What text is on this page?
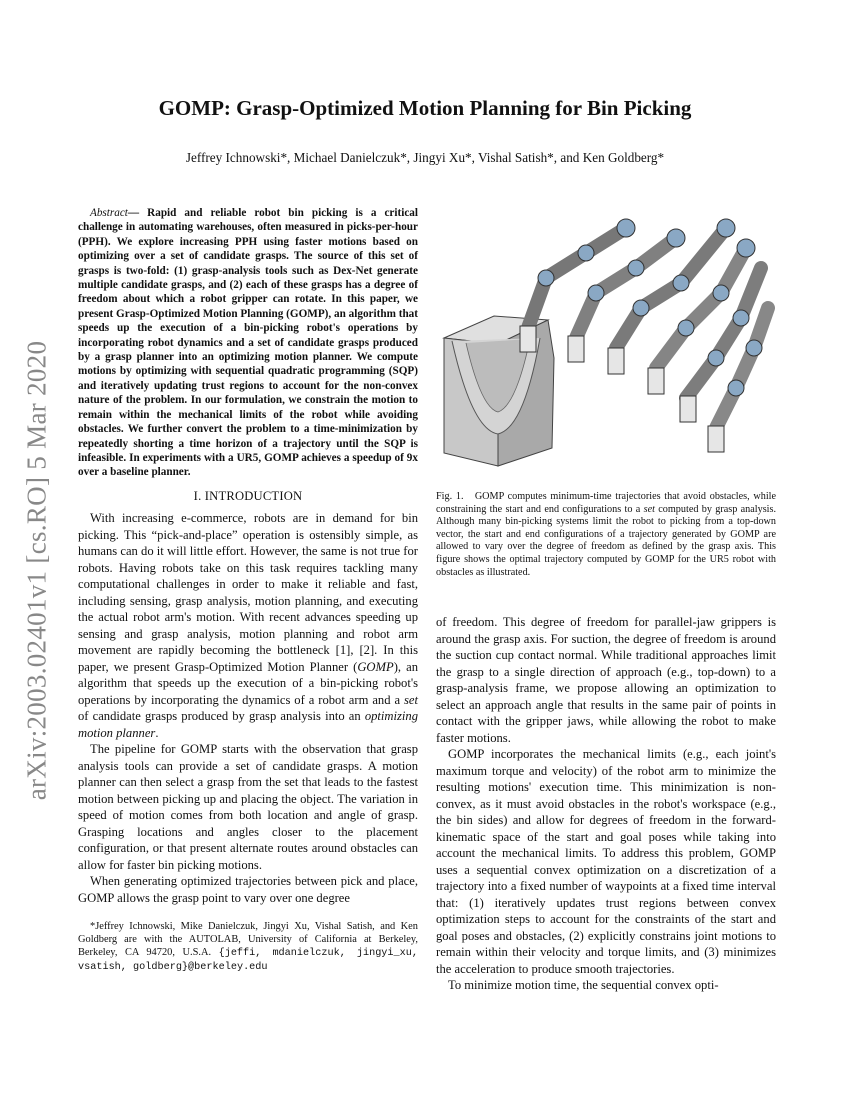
arXiv:2003.02401v1 [cs.RO] 5 Mar 2020
GOMP: Grasp-Optimized Motion Planning for Bin Picking
Jeffrey Ichnowski*, Michael Danielczuk*, Jingyi Xu*, Vishal Satish*, and Ken Goldberg*

Abstract— Rapid and reliable robot bin picking is a critical challenge in automating warehouses, often measured in picks-per-hour (PPH). We explore increasing PPH using faster motions based on optimizing over a set of candidate grasps. The source of this set of grasps is two-fold: (1) grasp-analysis tools such as Dex-Net generate multiple candidate grasps, and (2) each of these grasps has a degree of freedom about which a robot gripper can rotate. In this paper, we present Grasp-Optimized Motion Planning (GOMP), an algorithm that speeds up the execution of a bin-picking robot's operations by incorporating robot dynamics and a set of candidate grasps produced by a grasp planner into an optimizing motion planner. We compute motions by optimizing with sequential quadratic programming (SQP) and iteratively updating trust regions to account for the non-convex nature of the problem. In our formulation, we constrain the motion to remain within the mechanical limits of the robot while avoiding obstacles. We further convert the problem to a time-minimization by repeatedly shorting a time horizon of a trajectory until the SQP is infeasible. In experiments with a UR5, GOMP achieves a speedup of 9x over a baseline planner.

I. INTRODUCTION

With increasing e-commerce, robots are in demand for bin picking. This “pick-and-place” operation is ostensibly simple, as humans can do it will little effort. However, the same is not true for robots. Having robots take on this task requires tackling many computational challenges in order to make it reliable and fast, including sensing, grasp analysis, motion planning, and executing the actual robot arm's motion. With recent advances speeding up sensing and grasp analysis, motion planning and robot arm movement are rapidly becoming the bottleneck [1], [2]. In this paper, we present Grasp-Optimized Motion Planner (GOMP), an algorithm that speeds up the execution of a bin-picking robot's operations by incorporating the dynamics of a robot arm and a set of candidate grasps produced by grasp analysis into an optimizing motion planner.

The pipeline for GOMP starts with the observation that grasp analysis tools can provide a set of candidate grasps. A motion planner can then select a grasp from the set that leads to the fastest motion between picking up and placing the object. The variation in speed of motion comes from both location and angle of grasp. Grasping locations and angles closer to the placement configuration, or that present alternate routes around obstacles can allow for faster bin picking motions.

When generating optimized trajectories between pick and place, GOMP allows the grasp point to vary over one degree

*Jeffrey Ichnowski, Mike Danielczuk, Jingyi Xu, Vishal Satish, and Ken Goldberg are with the AUTOLAB, University of California at Berkeley, Berkeley, CA 94720, U.S.A. {jeffi, mdanielczuk, jingyi_xu, vsatish, goldberg}@berkeley.edu

Fig. 1. GOMP computes minimum-time trajectories that avoid obstacles, while constraining the start and end configurations to a set computed by grasp analysis. Although many bin-picking systems limit the robot to picking from a top-down vector, the start and end configurations of a trajectory generated by GOMP are allowed to vary over the degree of freedom as defined by the grasp axis. This figure shows the optimal trajectory computed by GOMP for the UR5 robot with obstacles as illustrated.

of freedom. This degree of freedom for parallel-jaw grippers is around the grasp axis. For suction, the degree of freedom is around the suction cup contact normal. While traditional approaches limit the grasp to a single direction of approach (e.g., top-down) to a grasp-analysis frame, we propose allowing an optimization to select an approach angle that results in the same pair of points in contact with the gripper jaws, while allowing the robot to make faster motions.

GOMP incorporates the mechanical limits (e.g., each joint's maximum torque and velocity) of the robot arm to minimize the resulting motions' execution time. This minimization is non-convex, as it must avoid obstacles in the robot's workspace (e.g., the bin sides) and allow for degrees of freedom in the forward-kinematic space of the start and goal poses while taking into account the mechanical limits. To address this problem, GOMP uses a sequential convex optimization on a discretization of a trajectory into a fixed number of waypoints at a fixed time interval that: (1) iteratively updates trust regions between convex optimization steps to account for the constraints of the start and goal poses and obstacles, (2) explicitly constrains joint motions to remain within their velocity and torque limits, and (3) minimizes the acceleration to produce smooth trajectories.

To minimize motion time, the sequential convex opti-
